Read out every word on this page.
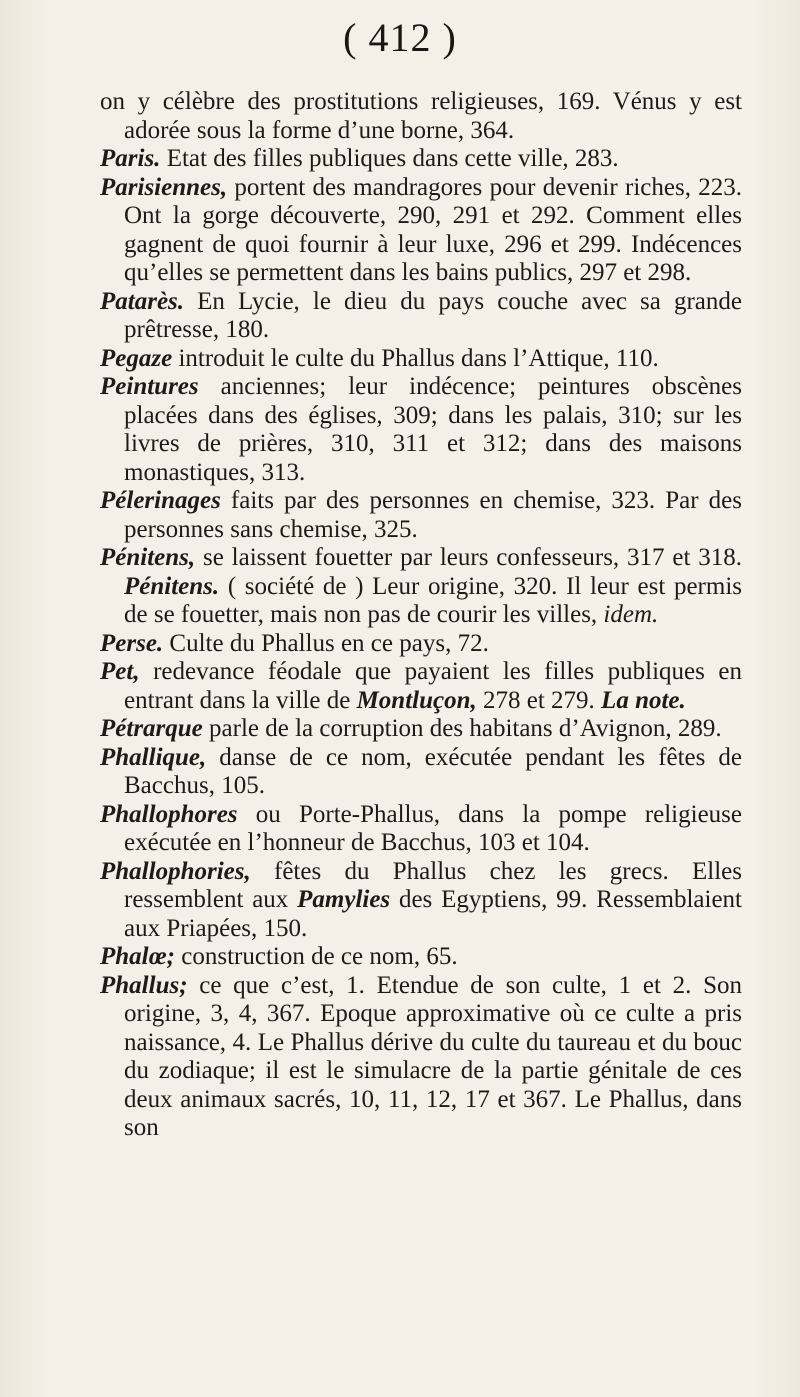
( 412 )
on y célèbre des prostitutions religieuses, 169. Vénus y est adorée sous la forme d’une borne, 364.
Paris. Etat des filles publiques dans cette ville, 283.
Parisiennes, portent des mandragores pour devenir riches, 223. Ont la gorge découverte, 290, 291 et 292. Comment elles gagnent de quoi fournir à leur luxe, 296 et 299. Indécences qu’elles se permettent dans les bains publics, 297 et 298.
Patarès. En Lycie, le dieu du pays couche avec sa grande prêtresse, 180.
Pegaze introduit le culte du Phallus dans l’Attique, 110.
Peintures anciennes; leur indécence; peintures obscènes placées dans des églises, 309; dans les palais, 310; sur les livres de prières, 310, 311 et 312; dans des maisons monastiques, 313.
Pélerinages faits par des personnes en chemise, 323. Par des personnes sans chemise, 325.
Pénitens, se laissent fouetter par leurs confesseurs, 317 et 318. Pénitens. ( société de ) Leur origine, 320. Il leur est permis de se fouetter, mais non pas de courir les villes, idem.
Perse. Culte du Phallus en ce pays, 72.
Pet, redevance féodale que payaient les filles publiques en entrant dans la ville de Montluçon, 278 et 279. La note.
Pétrarque parle de la corruption des habitans d’Avignon, 289.
Phallique, danse de ce nom, exécutée pendant les fêtes de Bacchus, 105.
Phallophores ou Porte-Phallus, dans la pompe religieuse exécutée en l’honneur de Bacchus, 103 et 104.
Phallophories, fêtes du Phallus chez les grecs. Elles ressemblent aux Pamylies des Egyptiens, 99. Ressemblaient aux Priapées, 150.
Phalœ; construction de ce nom, 65.
Phallus; ce que c’est, 1. Etendue de son culte, 1 et 2. Son origine, 3, 4, 367. Epoque approximative où ce culte a pris naissance, 4. Le Phallus dérive du culte du taureau et du bouc du zodiaque; il est le simulacre de la partie génitale de ces deux animaux sacrés, 10, 11, 12, 17 et 367. Le Phallus, dans son
